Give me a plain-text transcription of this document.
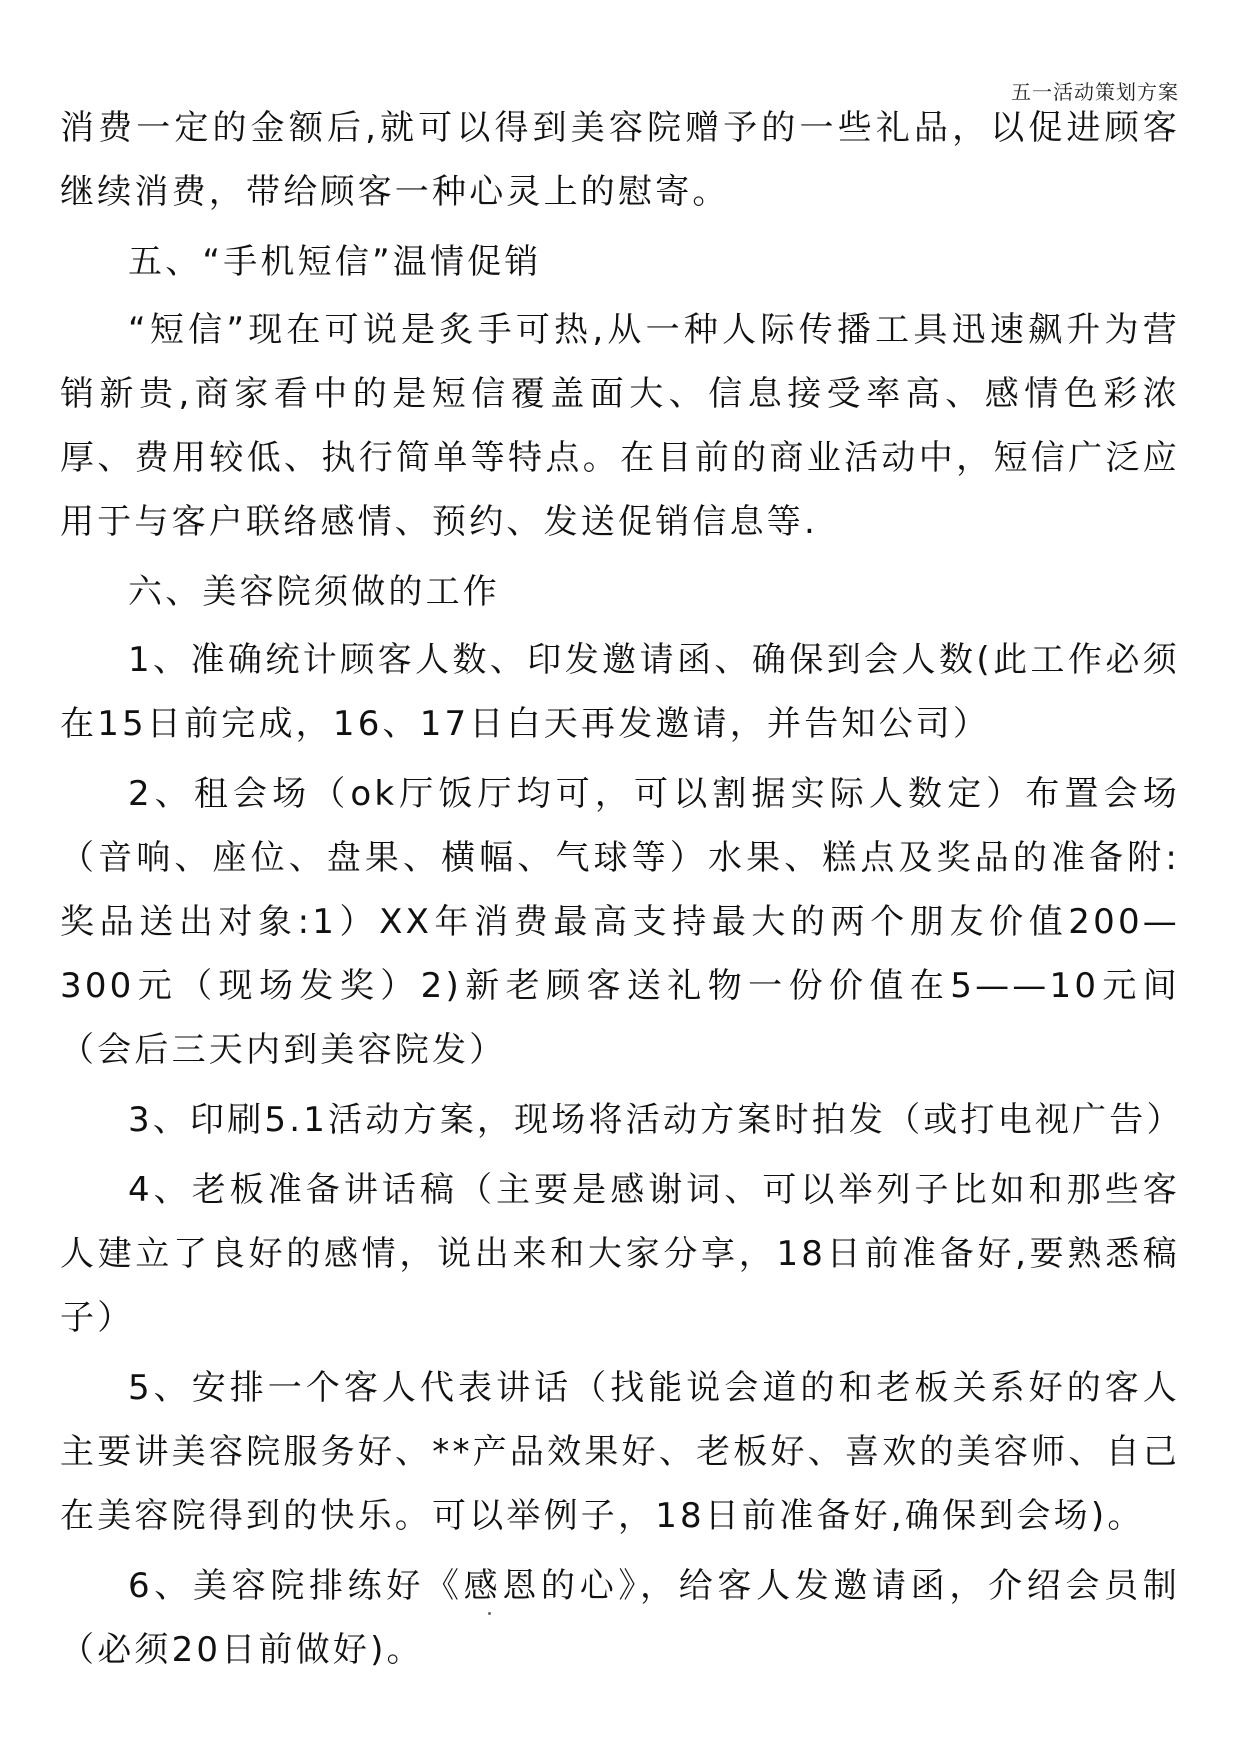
五一活动策划方案

消费一定的金额后,就可以得到美容院赠予的一些礼品，以促进顾客继续消费，带给顾客一种心灵上的慰寄。

五、“手机短信”温情促销

“短信”现在可说是炙手可热,从一种人际传播工具迅速飙升为营销新贵,商家看中的是短信覆盖面大、信息接受率高、感情色彩浓厚、费用较低、执行简单等特点。在目前的商业活动中，短信广泛应用于与客户联络感情、预约、发送促销信息等.

六、美容院须做的工作

1、准确统计顾客人数、印发邀请函、确保到会人数(此工作必须在15日前完成，16、17日白天再发邀请，并告知公司）

2、租会场（ok厅饭厅均可，可以割据实际人数定）布置会场（音响、座位、盘果、横幅、气球等）水果、糕点及奖品的准备附:奖品送出对象:1）XX年消费最高支持最大的两个朋友价值200—300元（现场发奖）2)新老顾客送礼物一份价值在5——10元间（会后三天内到美容院发）

3、印刷5.1活动方案，现场将活动方案时拍发（或打电视广告）

4、老板准备讲话稿（主要是感谢词、可以举列子比如和那些客人建立了良好的感情，说出来和大家分享，18日前准备好,要熟悉稿子）

5、安排一个客人代表讲话（找能说会道的和老板关系好的客人主要讲美容院服务好、**产品效果好、老板好、喜欢的美容师、自己在美容院得到的快乐。可以举例子，18日前准备好,确保到会场)。

6、美容院排练好《感恩的心》，给客人发邀请函，介绍会员制（必须20日前做好)。
